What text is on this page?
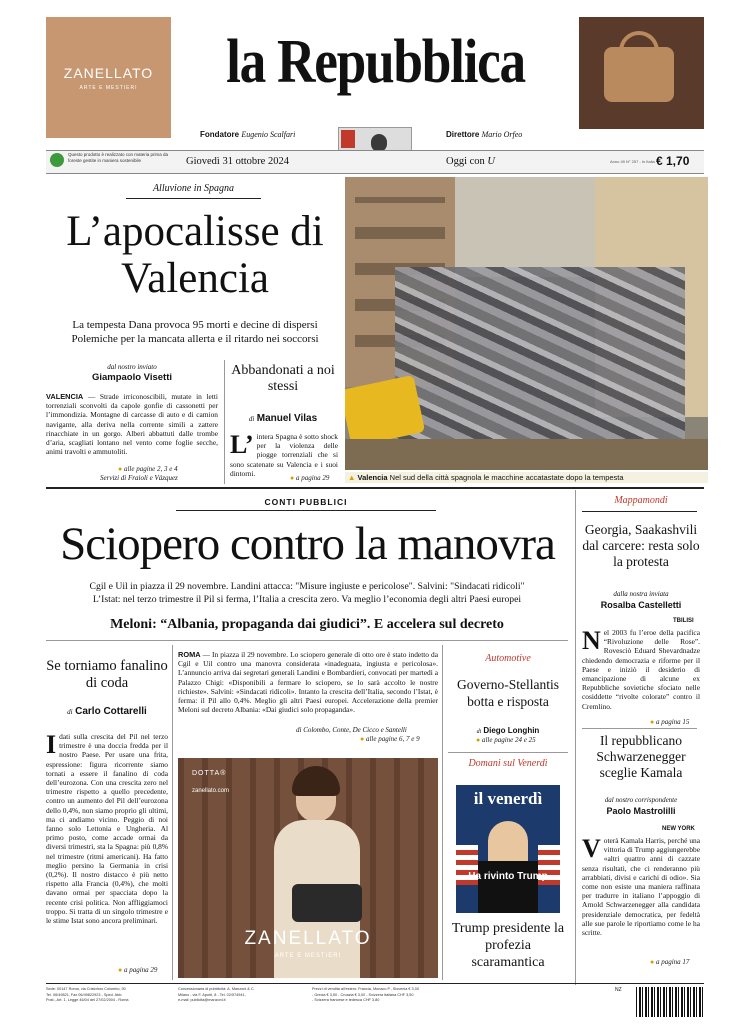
ZANELLATO
ARTE E MESTIERI	la Repubblica
zanellato.com
Fondatore Eugenio Scalfari	Direttore Mario Orfeo
Questo prodotto è realizzato con materia prima da foreste gestite in maniera sostenibile	Giovedì 31 ottobre 2024	Oggi con U	Anno 49 N° 257 - In Italia € 1,70
Alluvione in Spagna
L’apocalisse di Valencia
La tempesta Dana provoca 95 morti e decine di dispersi
Polemiche per la mancata allerta e il ritardo nei soccorsi
dal nostro inviato
Giampaolo Visetti
VALENCIA — Strade irriconoscibili, mutate in letti torrenziali sconvolti da capole gonfie di cassonetti per l’immondizia. Montagne di carcasse di auto e di camion navigante, alla deriva nella corrente simili a zattere rinacchiate in un gorgo. Alberi abbattuti dalle trombe d’aria, scagliati lontano nel vento come foglie secche, animi travolti e ammutoliti.
● alle pagine 2, 3 e 4
Servizi di Fraioli e Vázquez
Abbandonati a noi stessi
di Manuel Vilas
L’ intera Spagna è sotto shock per la violenza delle piogge torrenziali che si sono scatenate su Valencia e i suoi dintorni.
● a pagina 29	▲ Valencia Nel sud della città spagnola le macchine accatastate dopo la tempesta
CONTI PUBBLICI
Sciopero contro la manovra
Cgil e Uil in piazza il 29 novembre. Landini attacca: "Misure ingiuste e pericolose". Salvini: "Sindacati ridicoli"
L’Istat: nel terzo trimestre il Pil si ferma, l’Italia a crescita zero. Va meglio l’economia degli altri Paesi europei
Meloni: “Albania, propaganda dai giudici”. E accelera sul decreto
Se torniamo fanalino di coda
di Carlo Cottarelli
Idati sulla crescita del Pil nel terzo trimestre è una doccia fredda per il nostro Paese. Per usare una frita, espressione: figura ricorrente siamo tornati a essere il fanalino di coda dell’eurozona. Con una crescita zero nel trimestre rispetto a quello precedente, contro un aumento del Pil dell’eurozona dello 0,4%, non siamo proprio gli ultimi, ma ci andiamo vicino. Peggio di noi fanno solo Lettonia e Ungheria. Al primo posto, come accade ormai da diversi trimestri, sta la Spagna: più 0,8% nel trimestre (ritmi americani). Ha fatto meglio persino la Germania in crisi (0,2%). Il nostro distacco è più netto rispetto alla Francia (0,4%), che molti davano ormai per spacciata dopo la recente crisi politica. Non affliggiamoci troppo. Si tratta di un singolo trimestre e le stime Istat sono ancora preliminari.
● a pagina 29
ROMA — In piazza il 29 novembre. Lo sciopero generale di otto ore è stato indetto da Cgil e Uil contro una manovra considerata «inadeguata, ingiusta e pericolosa». L’annuncio arriva dai segretari generali Landini e Bombardieri, convocati per martedì a Palazzo Chigi: «Disponibili a fermare lo sciopero, se lo sarà accolto le nostre richieste». Salvini: «Sindacati ridicoli». Intanto la crescita dell’Italia, secondo l’Istat, è ferma: il Pil allo 0,4%. Meglio gli altri Paesi europei. Accelerazione della premier Meloni sul decreto Albania: «Dai giudici solo propaganda».
di Colombo, Conte, De Cicco e Santelli
● alle pagine 6, 7 e 9
Automotive
Governo-Stellantis botta e risposta
di Diego Longhin
● alle pagine 24 e 25
Domani sul Venerdì
il venerdì
Ha rivinto Trump
Trump presidente la profezia scaramantica
DOTTA®
zanellato.com
ZANELLATO
ARTE E MESTIERI
Mappamondi
Georgia, Saakashvili dal carcere: resta solo la protesta
dalla nostra inviata
Rosalba Castelletti
TBILISI
Nel 2003 fu l’eroe della pacifica “Rivoluzione delle Rose”. Rovesciò Eduard Shevardnadze chiedendo democrazia e riforme per il Paese e iniziò il desiderio di emancipazione di alcune ex Repubbliche sovietiche sfociato nelle cosiddette “rivolte colorate” contro il Cremlino.
● a pagina 15
Il repubblicano Schwarzenegger sceglie Kamala
dal nostro corrispondente
Paolo Mastrolilli
NEW YORK
Voterà Kamala Harris, perché una vittoria di Trump aggiungerebbe «altri quattro anni di cazzate senza risultati, che ci renderanno più arrabbiati, divisi e carichi di odio». Sia come non esiste una maniera raffinata per tradurre in italiano l’appoggio di Arnold Schwarzenegger alla candidata presidenziale democratica, per fedeltà alle sue parole le riportiamo come le ha scritte.
● a pagina 17
Sede: 00147 Roma, via Cristoforo Colombo, 90
Tel. 06/49821, Fax 06/49822923 - Sped. Abb.
Post., Art. 1, Legge 46/04 del 27/02/2004 - Roma
Concessionaria di pubblicità: A. Manzoni & C.
Milano - via F. Aporti, 8 - Tel. 02/574941,
e-mail: publicita@manzoni.it
Prezzi di vendita all’estero: Francia, Monaco P., Slovenia € 3,00
- Grecia € 3,50 - Croazia € 3,00 - Svizzera italiana CHF 3,50
- Svizzera francese e tedesca CHF 3,80
NZ
